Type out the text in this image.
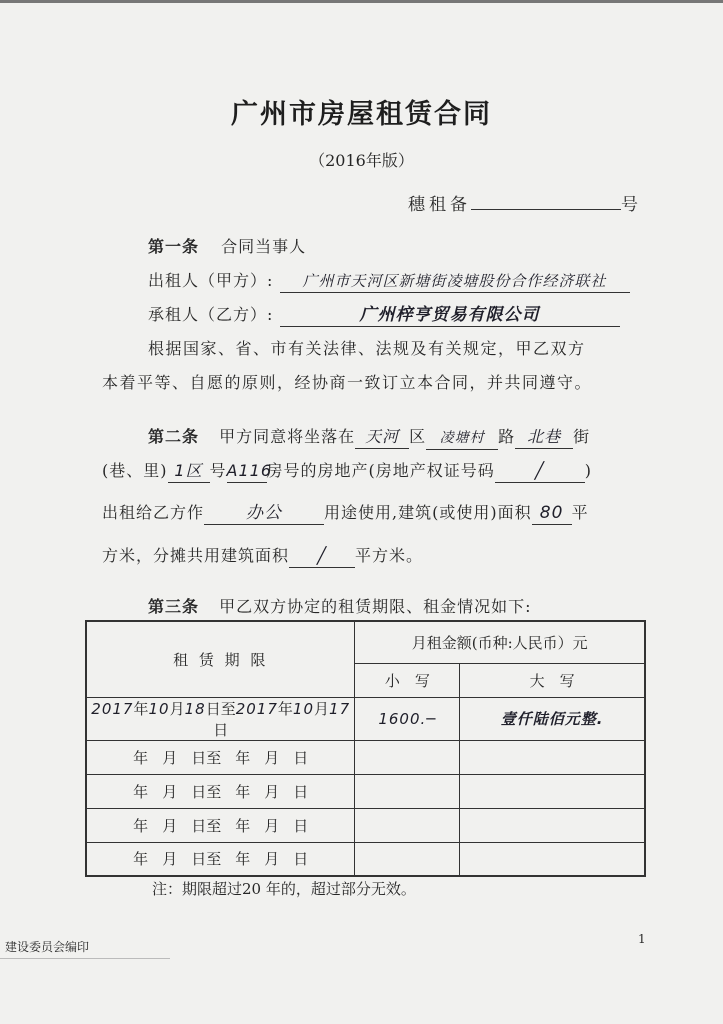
广州市房屋租赁合同
（2016年版）
穗租备	号
第一条 合同当事人
出租人（甲方）: 广州市天河区新塘街凌塘股份合作经济联社
承租人（乙方）:	广州梓亨贸易有限公司
根据国家、省、市有关法律、法规及有关规定，甲乙双方
本着平等、自愿的原则，经协商一致订立本合同，并共同遵守。
第二条 甲方同意将坐落在 天河 区 凌塘村 路 北巷 街
(巷、里) 1区 号A116房号的房地产(房地产权证号码 ╱ )
出租给乙方作 办公	用途使用,建筑(或使用)面积 80 平
方米，分摊共用建筑面积 ╱ 平方米。
第三条 甲乙双方协定的租赁期限、租金情况如下:
租 赁 期 限	月租金额(币种:人民币）元	
	小　写	大　写
2017年10月18日至2017年10月17日	1600.─	壹仟陆佰元整.
年 月 日至 年 月 日		
年 月 日至 年 月 日		
年 月 日至 年 月 日		
年 月 日至 年 月 日		
注：期限超过20 年的，超过部分无效。
建设委员会编印
1
